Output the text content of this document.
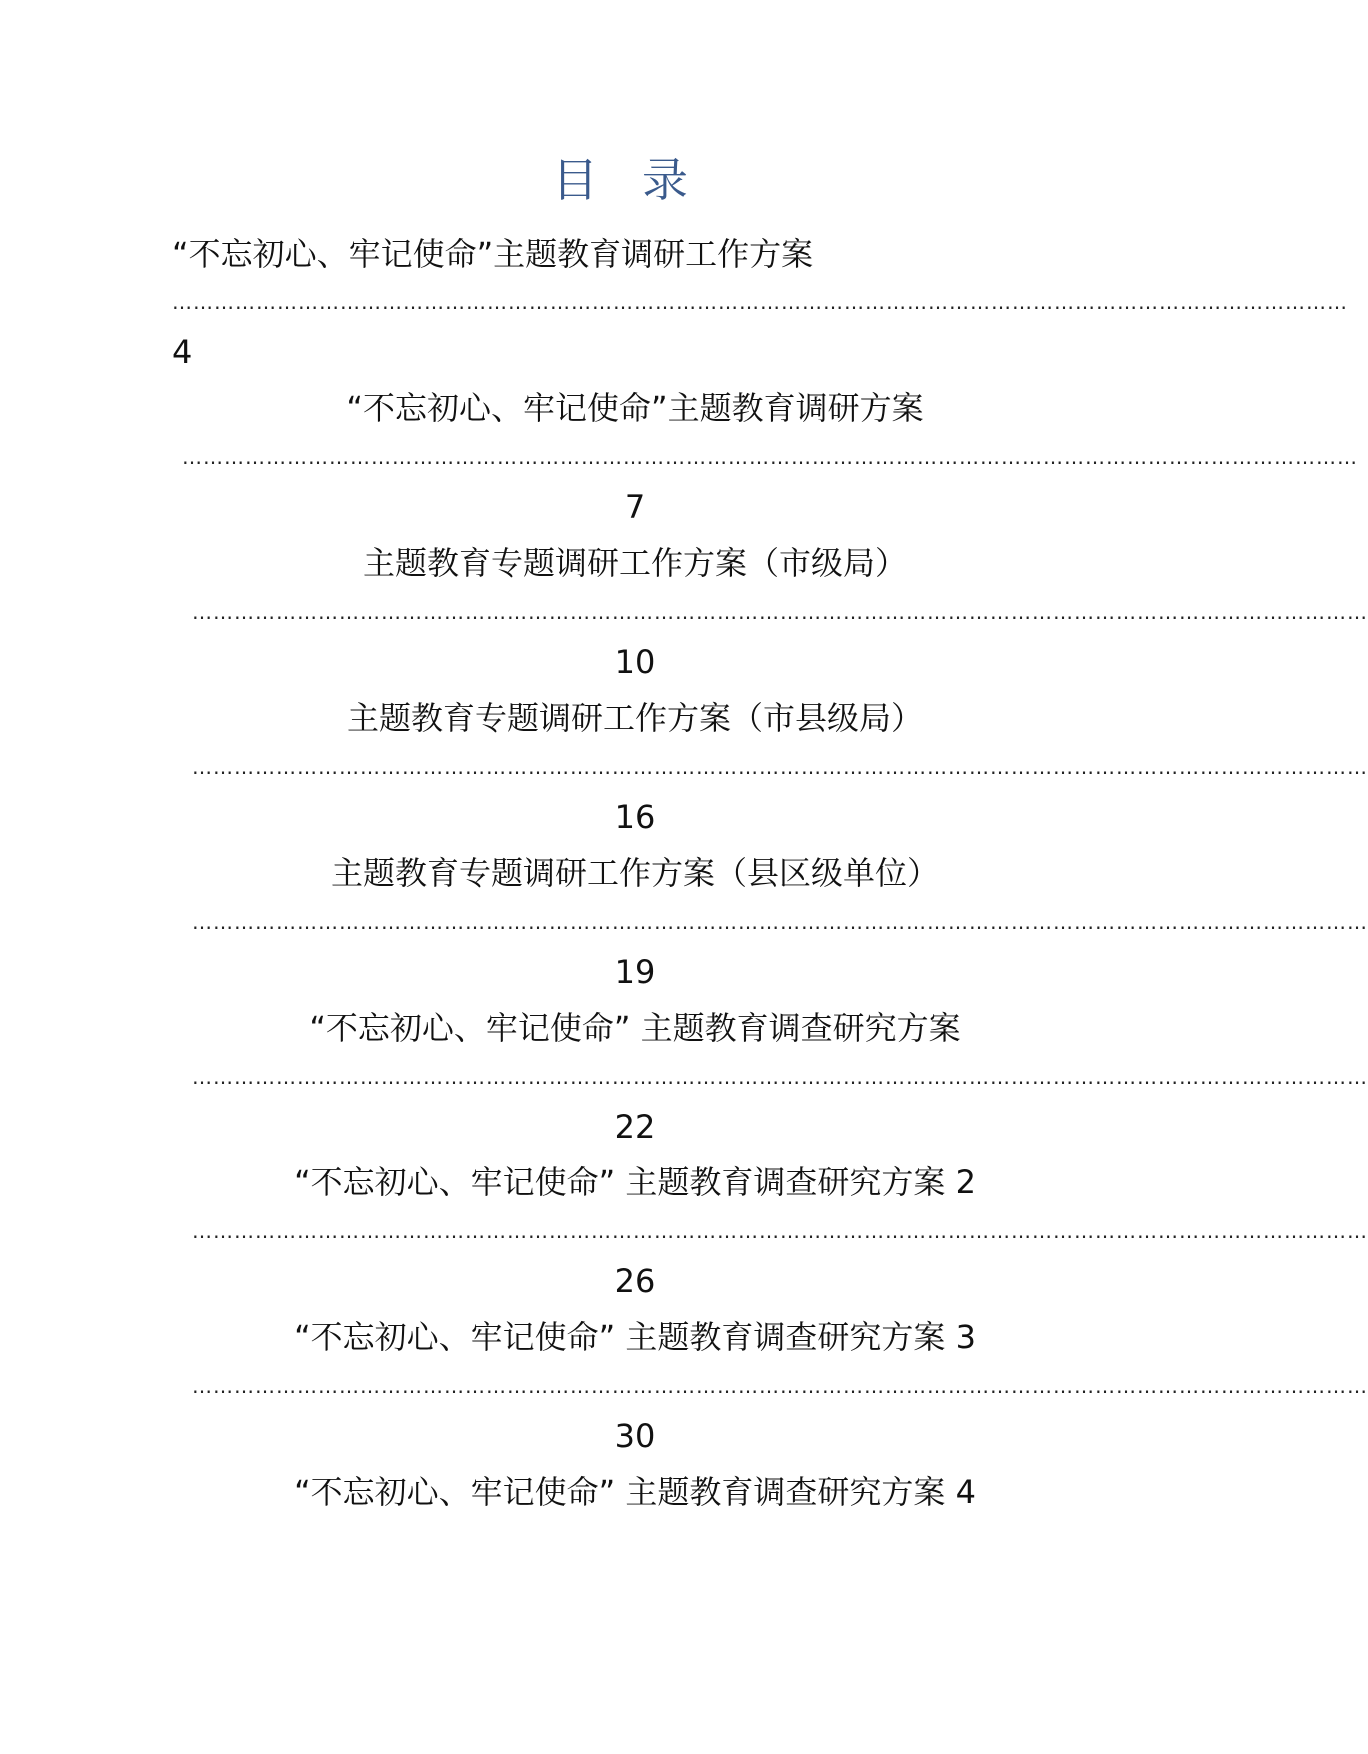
目录
“不忘初心、牢记使命”主题教育调研工作方案
……………………………………………………………………………………………………………………………………………………
4
“不忘初心、牢记使命”主题教育调研方案
……………………………………………………………………………………………………………………………………………………
7
主题教育专题调研工作方案（市级局）
……………………………………………………………………………………………………………………………………………………
10
主题教育专题调研工作方案（市县级局）
……………………………………………………………………………………………………………………………………………………
16
主题教育专题调研工作方案（县区级单位）
……………………………………………………………………………………………………………………………………………………
19
“不忘初心、牢记使命” 主题教育调查研究方案
……………………………………………………………………………………………………………………………………………………
22
“不忘初心、牢记使命” 主题教育调查研究方案 2
……………………………………………………………………………………………………………………………………………………
26
“不忘初心、牢记使命” 主题教育调查研究方案 3
……………………………………………………………………………………………………………………………………………………
30
“不忘初心、牢记使命” 主题教育调查研究方案 4
